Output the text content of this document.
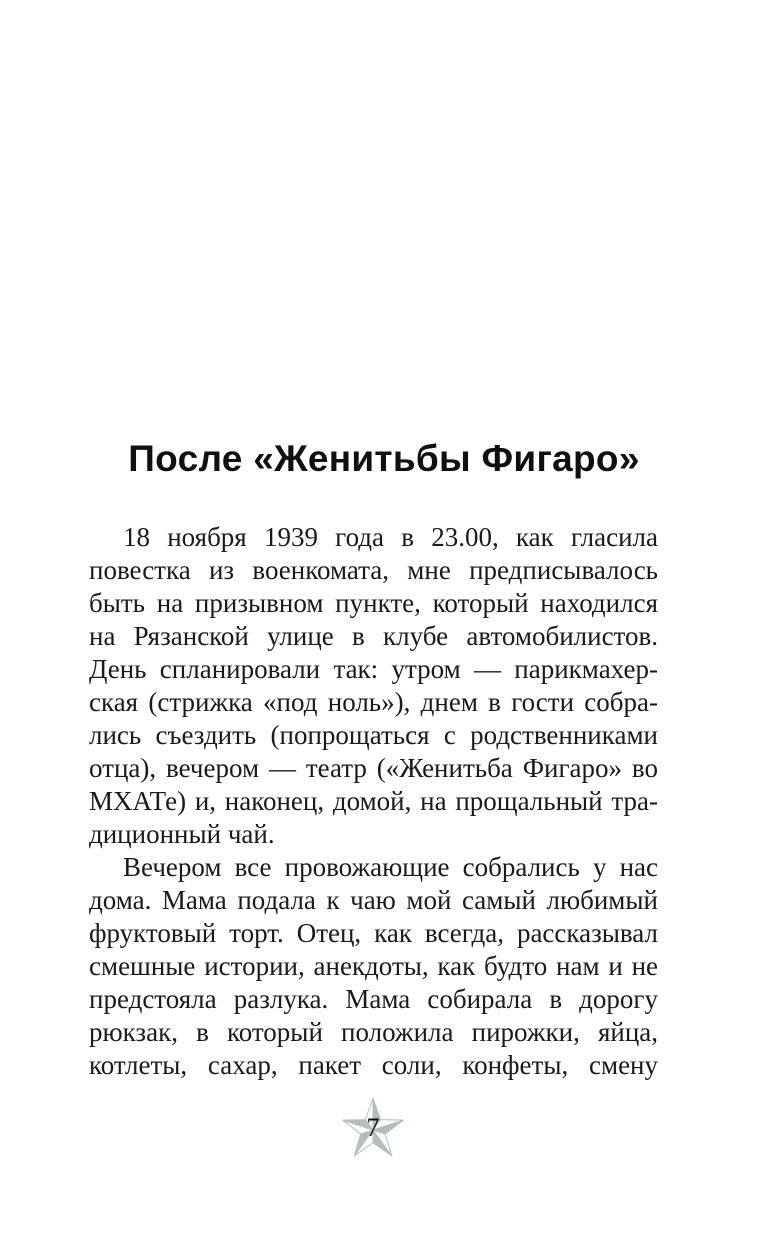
После «Женитьбы Фигаро»
18 ноября 1939 года в 23.00, как гласила
повестка из военкомата, мне предписывалось
быть на призывном пункте, который находился
на Рязанской улице в клубе автомобилистов.
День спланировали так: утром — парикмахер-
ская (стрижка «под ноль»), днем в гости собра-
лись съездить (попрощаться с родственниками
отца), вечером — театр («Женитьба Фигаро» во
МХАТе) и, наконец, домой, на прощальный тра-
диционный чай.
Вечером все провожающие собрались у нас
дома. Мама подала к чаю мой самый любимый
фруктовый торт. Отец, как всегда, рассказывал
смешные истории, анекдоты, как будто нам и не
предстояла разлука. Мама собирала в дорогу
рюкзак, в который положила пирожки, яйца,
котлеты, сахар, пакет соли, конфеты, смену
7
